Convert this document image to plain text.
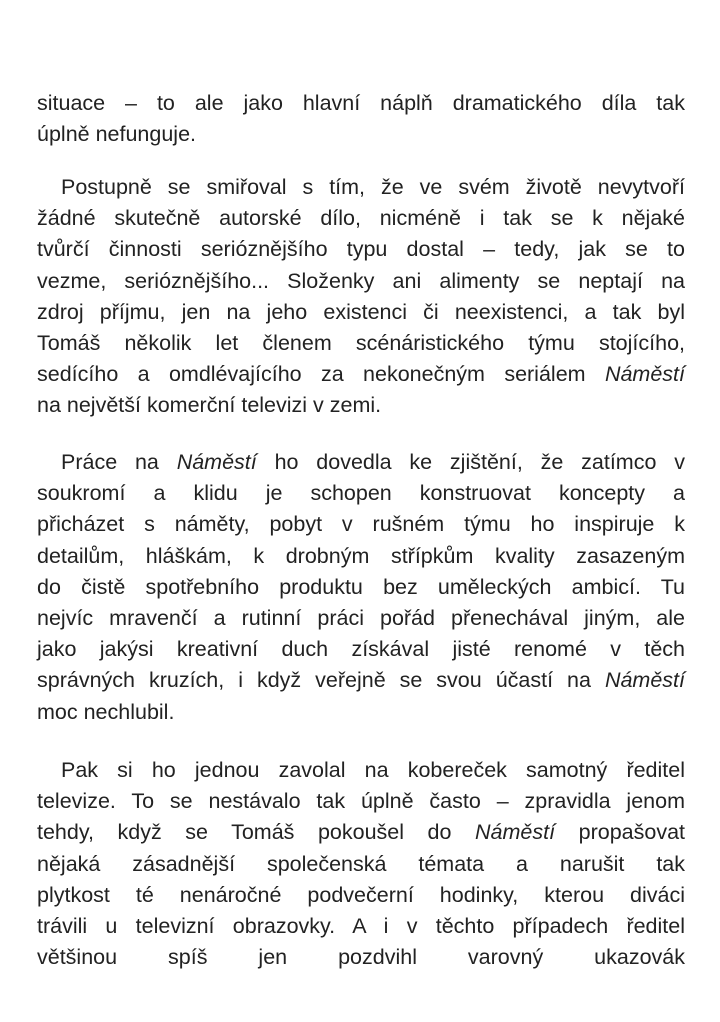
situace – to ale jako hlavní náplň dramatického díla tak
úplně nefunguje.
Postupně se smiřoval s tím, že ve svém životě nevytvoří
žádné skutečně autorské dílo, nicméně i tak se k nějaké
tvůrčí činnosti serióznějšího typu dostal – tedy, jak se to
vezme, serióznějšího... Složenky ani alimenty se neptají na
zdroj příjmu, jen na jeho existenci či neexistenci, a tak byl
Tomáš několik let členem scénáristického týmu stojícího,
sedícího a omdlévajícího za nekonečným seriálem Náměstí
na největší komerční televizi v zemi.
Práce na Náměstí ho dovedla ke zjištění, že zatímco v
soukromí a klidu je schopen konstruovat koncepty a
přicházet s náměty, pobyt v rušném týmu ho inspiruje k
detailům, hláškám, k drobným střípkům kvality zasazeným
do čistě spotřebního produktu bez uměleckých ambicí. Tu
nejvíc mravenčí a rutinní práci pořád přenechával jiným, ale
jako jakýsi kreativní duch získával jisté renomé v těch
správných kruzích, i když veřejně se svou účastí na Náměstí
moc nechlubil.
Pak si ho jednou zavolal na kobereček samotný ředitel
televize. To se nestávalo tak úplně často – zpravidla jenom
tehdy, když se Tomáš pokoušel do Náměstí propašovat
nějaká zásadnější společenská témata a narušit tak
plytkost té nenáročné podvečerní hodinky, kterou diváci
trávili u televizní obrazovky. A i v těchto případech ředitel
většinou spíš jen pozdvihl varovný ukazovák
